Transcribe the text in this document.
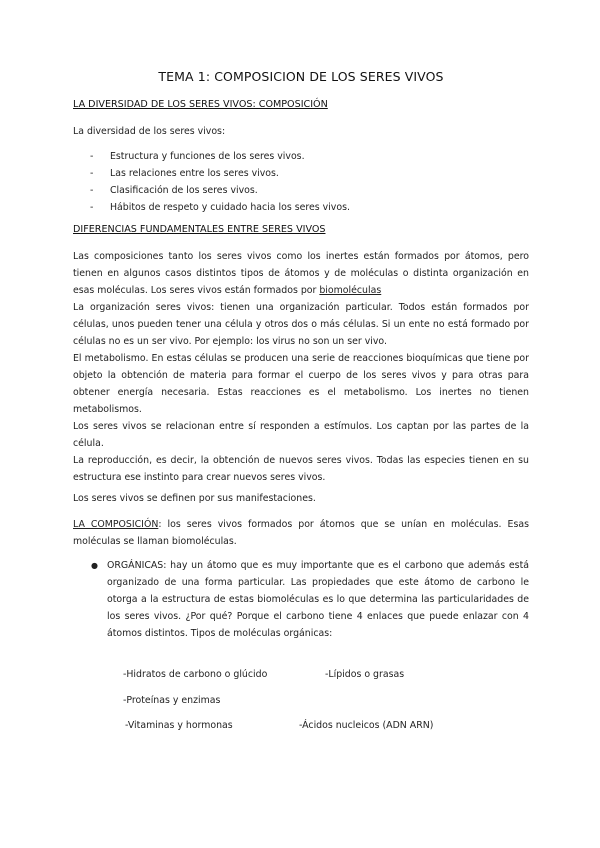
TEMA 1: COMPOSICION DE LOS SERES VIVOS
LA DIVERSIDAD DE LOS SERES VIVOS: COMPOSICIÓN

La diversidad de los seres vivos:

- Estructura y funciones de los seres vivos.
- Las relaciones entre los seres vivos.
- Clasificación de los seres vivos.
- Hábitos de respeto y cuidado hacia los seres vivos.
DIFERENCIAS FUNDAMENTALES ENTRE SERES VIVOS

Las composiciones tanto los seres vivos como los inertes están formados por átomos, pero tienen en algunos casos distintos tipos de átomos y de moléculas o distinta organización en esas moléculas. Los seres vivos están formados por biomoléculas

La organización seres vivos: tienen una organización particular. Todos están formados por células, unos pueden tener una célula y otros dos o más células. Si un ente no está formado por células no es un ser vivo. Por ejemplo: los virus no son un ser vivo.

El metabolismo. En estas células se producen una serie de reacciones bioquímicas que tiene por objeto la obtención de materia para formar el cuerpo de los seres vivos y para otras para obtener energía necesaria. Estas reacciones es el metabolismo. Los inertes no tienen metabolismos.

Los seres vivos se relacionan entre sí responden a estímulos. Los captan por las partes de la célula.

La reproducción, es decir, la obtención de nuevos seres vivos. Todas las especies tienen en su estructura ese instinto para crear nuevos seres vivos.

Los seres vivos se definen por sus manifestaciones.

LA COMPOSICIÓN: los seres vivos formados por átomos que se unían en moléculas. Esas moléculas se llaman biomoléculas.

● ORGÁNICAS: hay un átomo que es muy importante que es el carbono que además está organizado de una forma particular. Las propiedades que este átomo de carbono le otorga a la estructura de estas biomoléculas es lo que determina las particularidades de los seres vivos. ¿Por qué? Porque el carbono tiene 4 enlaces que puede enlazar con 4 átomos distintos. Tipos de moléculas orgánicas:
-Hidratos de carbono o glúcido	-Lípidos o grasas
-Proteínas y enzimas
-Vitaminas y hormonas	-Ácidos nucleicos (ADN ARN)
